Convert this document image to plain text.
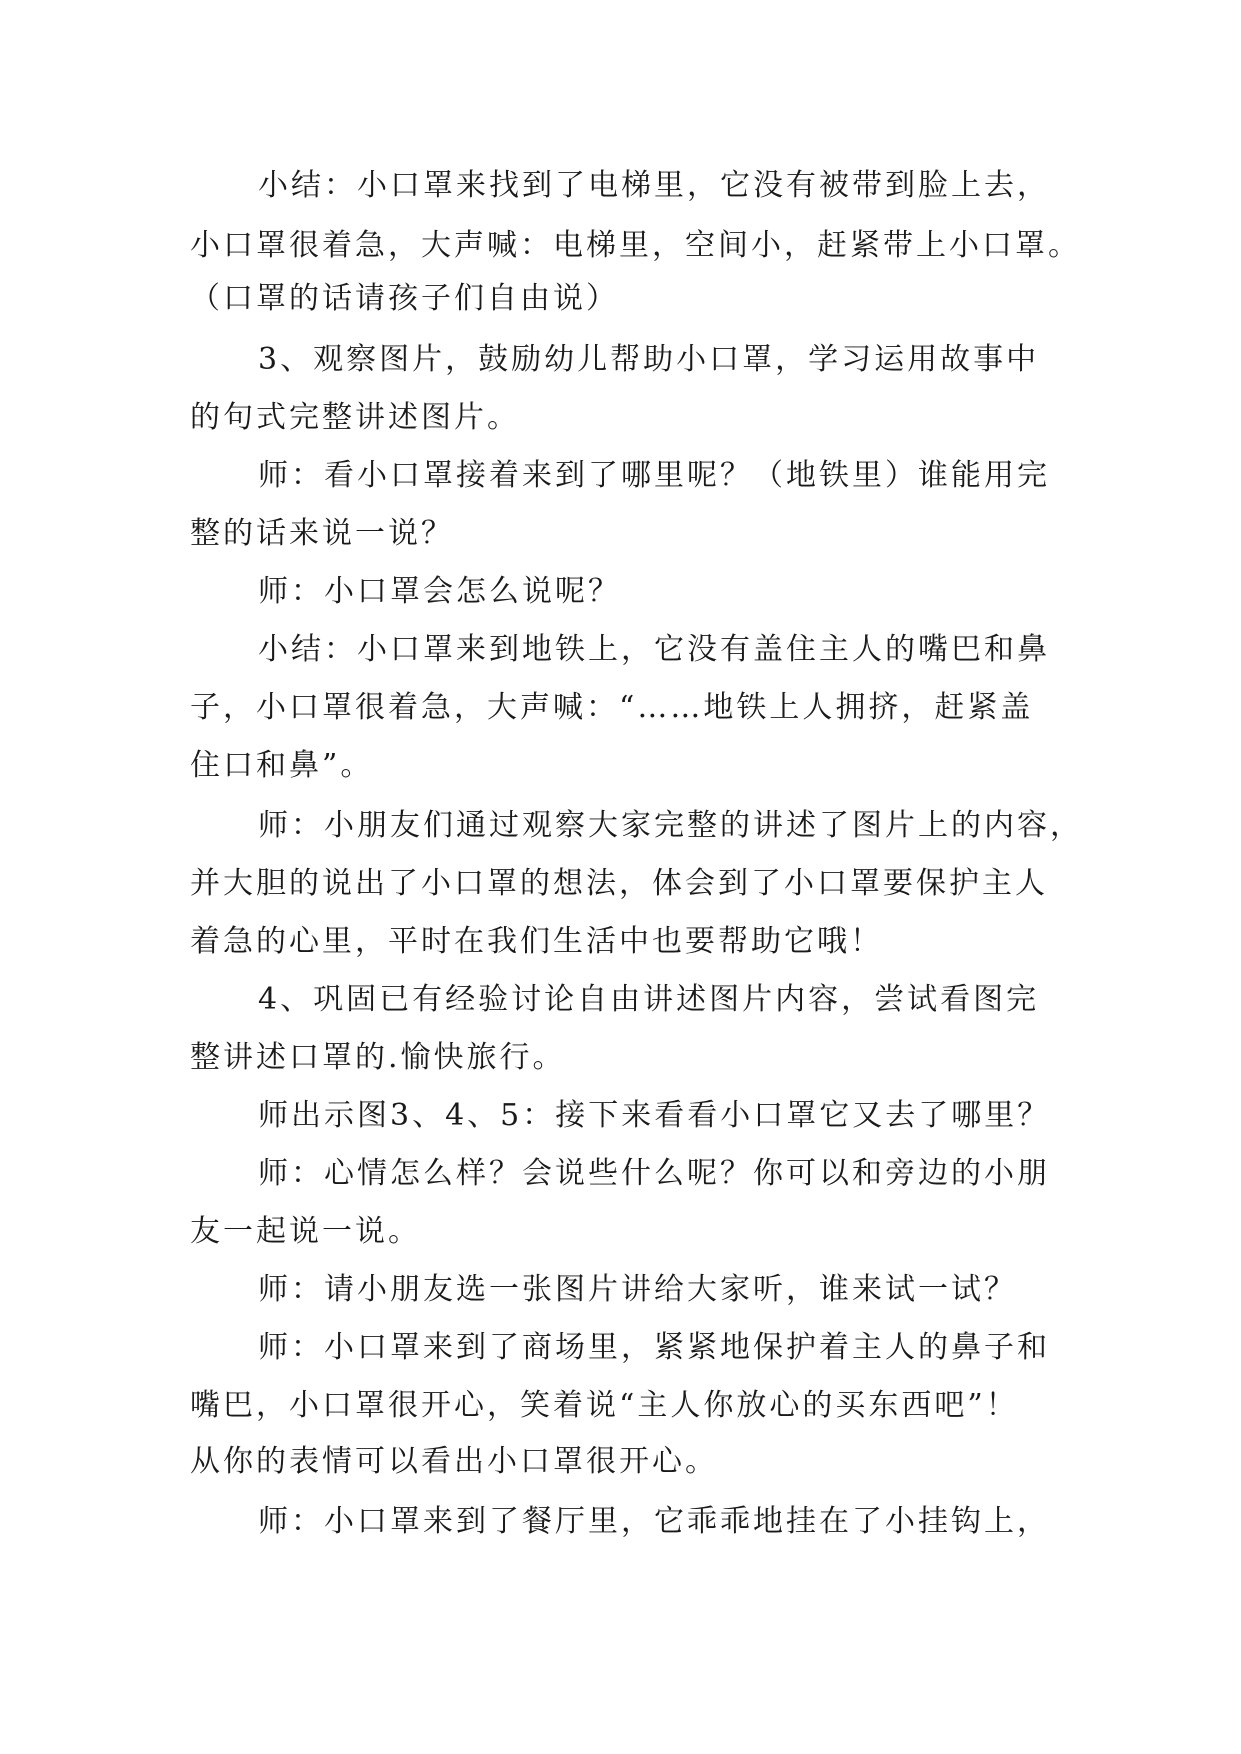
小结：小口罩来找到了电梯里，它没有被带到脸上去，
小口罩很着急，大声喊：电梯里，空间小，赶紧带上小口罩。
（口罩的话请孩子们自由说）
3、观察图片，鼓励幼儿帮助小口罩，学习运用故事中
的句式完整讲述图片。
师：看小口罩接着来到了哪里呢？（地铁里）谁能用完
整的话来说一说？
师：小口罩会怎么说呢？
小结：小口罩来到地铁上，它没有盖住主人的嘴巴和鼻
子，小口罩很着急，大声喊：“……地铁上人拥挤，赶紧盖
住口和鼻”。
师：小朋友们通过观察大家完整的讲述了图片上的内容，
并大胆的说出了小口罩的想法，体会到了小口罩要保护主人
着急的心里，平时在我们生活中也要帮助它哦！
4、巩固已有经验讨论自由讲述图片内容，尝试看图完
整讲述口罩的.愉快旅行。
师出示图3、4、5：接下来看看小口罩它又去了哪里？
师：心情怎么样？会说些什么呢？你可以和旁边的小朋
友一起说一说。
师：请小朋友选一张图片讲给大家听，谁来试一试？
师：小口罩来到了商场里，紧紧地保护着主人的鼻子和
嘴巴，小口罩很开心，笑着说“主人你放心的买东西吧”！
从你的表情可以看出小口罩很开心。
师：小口罩来到了餐厅里，它乖乖地挂在了小挂钩上，
